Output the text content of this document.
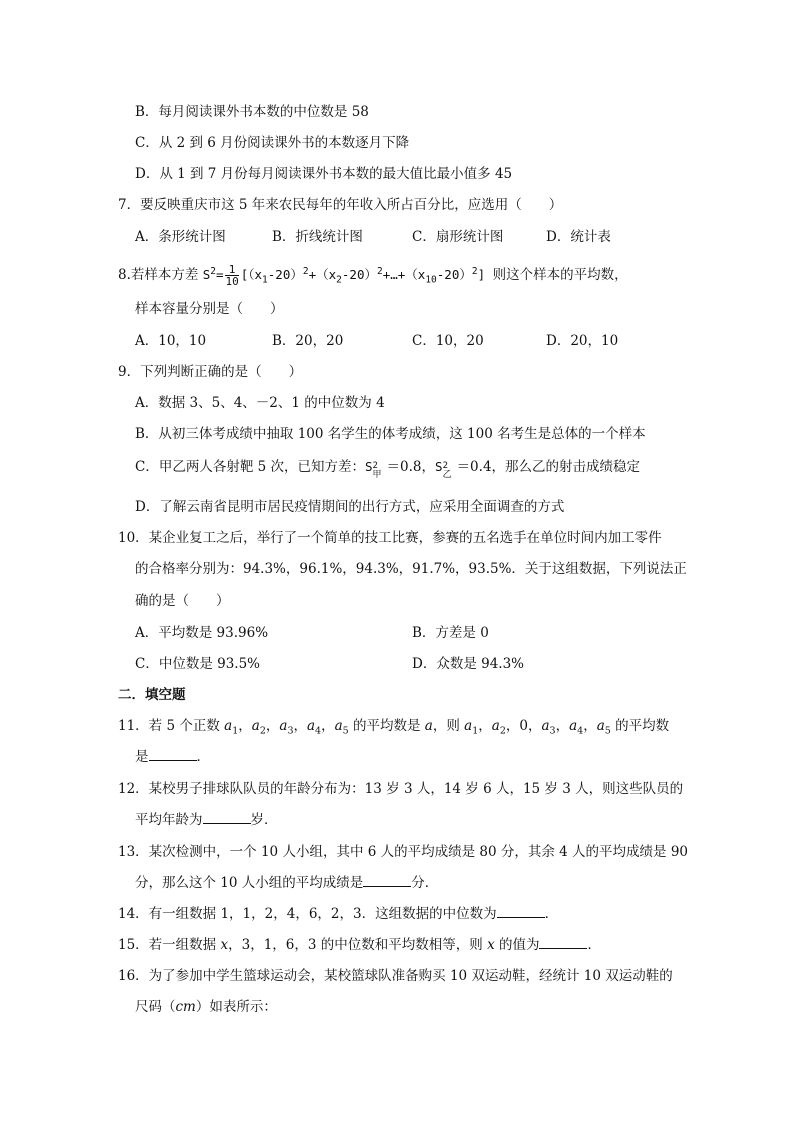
B．每月阅读课外书本数的中位数是 58
C．从 2 到 6 月份阅读课外书的本数逐月下降
D．从 1 到 7 月份每月阅读课外书本数的最大值比最小值多 45
7．要反映重庆市这 5 年来农民每年的年收入所占百分比，应选用（　　）
A．条形统计图	B．折线统计图	C．扇形统计图	D．统计表
8.若样本方差 $S^2= \frac{1}{10}$ $[(x_1-20)^2+(x_2-20)^2+\dots+(x_{10}-20)^2]$ 则这个样本的平均数，
样本容量分别是（　　）
A．10，10	B．20，20	C．10，20	D．20，10
9．下列判断正确的是（　　）
A．数据 3、5、4、－2、1 的中位数为 4
B．从初三体考成绩中抽取 100 名学生的体考成绩，这 100 名考生是总体的一个样本
C．甲乙两人各射靶 5 次，已知方差：S 2
甲 ＝0.8，S 2
乙 ＝0.4，那么乙的射击成绩稳定
D．了解云南省昆明市居民疫情期间的出行方式，应采用全面调查的方式
10．某企业复工之后，举行了一个简单的技工比赛，参赛的五名选手在单位时间内加工零件
的合格率分别为：94.3%，96.1%，94.3%，91.7%，93.5%．关于这组数据，下列说法正
确的是（　　）
A．平均数是 93.96%	B．方差是 0
C．中位数是 93.5%	D．众数是 94.3%
二．填空题
11．若 5 个正数 $a_1$，$a_2$，$a_3$，$a_4$，$a_5$ 的平均数是 a，则 $a_1$，$a_2$，0，$a_3$，$a_4$，$a_5$ 的平均数
是	．
12．某校男子排球队队员的年龄分布为：13 岁 3 人，14 岁 6 人，15 岁 3 人，则这些队员的
平均年龄为	岁．
13．某次检测中，一个 10 人小组，其中 6 人的平均成绩是 80 分，其余 4 人的平均成绩是 90
分，那么这个 10 人小组的平均成绩是	分．
14．有一组数据 1，1，2，4，6，2，3．这组数据的中位数为	．
15．若一组数据 x，3，1，6，3 的中位数和平均数相等，则 x 的值为	．
16．为了参加中学生篮球运动会，某校篮球队准备购买 10 双运动鞋，经统计 10 双运动鞋的
尺码（cm）如表所示：
